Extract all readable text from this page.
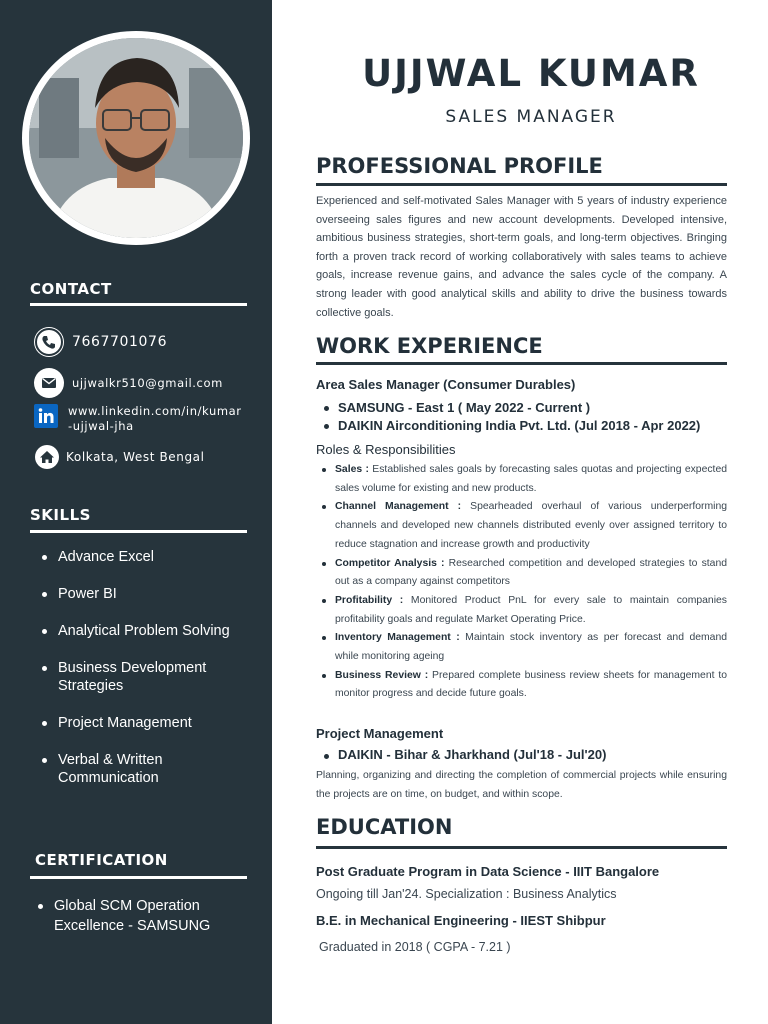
CONTACT
7667701076
ujjwalkr510@gmail.com
www.linkedin.com/in/kumar
-ujjwal-jha
Kolkata, West Bengal
SKILLS
Advance Excel
Power BI
Analytical Problem Solving
Business Development Strategies
Project Management
Verbal & Written Communication
CERTIFICATION
Global SCM Operation Excellence - SAMSUNG
UJJWAL KUMAR
SALES MANAGER
PROFESSIONAL PROFILE

Experienced and self-motivated Sales Manager with 5 years of industry experience overseeing sales figures and new account developments. Developed intensive, ambitious business strategies, short-term goals, and long-term objectives. Bringing forth a proven track record of working collaboratively with sales teams to achieve goals, increase revenue gains, and advance the sales cycle of the company. A strong leader with good analytical skills and ability to drive the business towards collective goals.

WORK EXPERIENCE
Area Sales Manager (Consumer Durables)
SAMSUNG - East 1 ( May 2022 - Current )
DAIKIN Airconditioning India Pvt. Ltd. (Jul 2018 - Apr 2022)
Roles & Responsibilities
Sales : Established sales goals by forecasting sales quotas and projecting expected sales volume for existing and new products.
Channel Management : Spearheaded overhaul of various underperforming channels and developed new channels distributed evenly over assigned territory to reduce stagnation and increase growth and productivity
Competitor Analysis : Researched competition and developed strategies to stand out as a company against competitors
Profitability : Monitored Product PnL for every sale to maintain companies profitability goals and regulate Market Operating Price.
Inventory Management : Maintain stock inventory as per forecast and demand while monitoring ageing
Business Review : Prepared complete business review sheets for management to monitor progress and decide future goals.
Project Management
DAIKIN - Bihar & Jharkhand (Jul'18 - Jul'20)

Planning, organizing and directing the completion of commercial projects while ensuring the projects are on time, on budget, and within scope.

EDUCATION
Post Graduate Program in Data Science - IIIT Bangalore
Ongoing till Jan'24. Specialization : Business Analytics
B.E. in Mechanical Engineering - IIEST Shibpur
Graduated in 2018 ( CGPA - 7.21 )
